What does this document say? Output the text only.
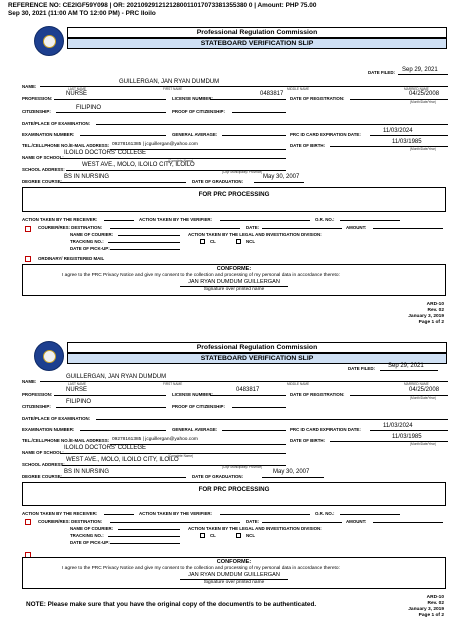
REFERENCE NO: CE2IGF59Y098 | OR: 2021092912121280011017073381355380 0 | Amount: PHP 75.00
Sep 30, 2021 (11:00 AM TO 12:00 PM) - PRC Iloilo
Professional Regulation Commission
STATEBOARD VERIFICATION SLIP
DATE FILED: Sep 29, 2021
NAME:
GUILLERGAN, JAN RYAN DUMDUM
LAST NAME	FIRST NAME	MIDDLE NAME	MARRIED NAME
PROFESSION:
NURSE
LICENSE NUMBER:
0483817
DATE OF REGISTRATION:
04/25/2008
(Month/Date/Year)
CITIZENSHIP:
FILIPINO
PROOF OF CITIZENSHIP:
DATE/PLACE OF EXAMINATION:
EXAMINATION NUMBER:	GENERAL AVERAGE:	PRC ID CARD EXPIRATION DATE:
11/03/2024
TEL./CELLPHONE NO./E-MAIL ADDRESS: 09278161385 | jcguillergan@yahoo.com	DATE OF BIRTH:
11/03/1985
(Month/Date/Year)
NAME OF SCHOOL:
ILOILO DOCTORS' COLLEGE
(Complete Name)
SCHOOL ADDRESS:
WEST AVE., MOLO, ILOILO CITY, ILOILO
(City/ Municipality/ Province)
DEGREE COURSE:
BS IN NURSING
DATE OF GRADUATION:
May 30, 2007
FOR PRC PROCESSING
ACTION TAKEN BY THE RECEIVER:	ACTION TAKEN BY THE VERIFIER:	O.R. NO.:
COURIER/RES: DESTINATION:	DATE:	AMOUNT:
NAME OF COURIER:	ACTION TAKEN BY THE LEGAL AND INVESTIGATION DIVISION:
TRACKING NO.:	CL	NCL
DATE OF PICK-UP:
ORDINARY/ REGISTERED MAIL
CONFORME:
I agree to the PRC Privacy Notice and give my consent to the collection and processing of my personal data in accordance thereto:
JAN RYAN DUMDUM GUILLERGAN
Signature over printed name
ARD-10
Rev. 02
January 3, 2019
Page 1 of 2
Professional Regulation Commission
STATEBOARD VERIFICATION SLIP
DATE FILED: Sep 29, 2021
NAME:
GUILLERGAN, JAN RYAN DUMDUM
LAST NAME	FIRST NAME	MIDDLE NAME	MARRIED NAME
PROFESSION:
NURSE
LICENSE NUMBER:
0483817
DATE OF REGISTRATION:
04/25/2008
(Month/Date/Year)
CITIZENSHIP:
FILIPINO
PROOF OF CITIZENSHIP:
DATE/PLACE OF EXAMINATION:
EXAMINATION NUMBER:	GENERAL AVERAGE:	PRC ID CARD EXPIRATION DATE:
11/03/2024
TEL./CELLPHONE NO./E-MAIL ADDRESS: 09278161385 | jcguillergan@yahoo.com	DATE OF BIRTH:
11/03/1985
(Month/Date/Year)
NAME OF SCHOOL:
ILOILO DOCTORS' COLLEGE
(Complete Name)
SCHOOL ADDRESS:
WEST AVE., MOLO, ILOILO CITY, ILOILO
(City/ Municipality/ Province)
DEGREE COURSE:
BS IN NURSING
DATE OF GRADUATION:
May 30, 2007
FOR PRC PROCESSING
ACTION TAKEN BY THE RECEIVER:	ACTION TAKEN BY THE VERIFIER:	O.R. NO.:
COURIER/RES: DESTINATION:	DATE:	AMOUNT:
NAME OF COURIER:	ACTION TAKEN BY THE LEGAL AND INVESTIGATION DIVISION:
TRACKING NO.:	CL	NCL
DATE OF PICK-UP:
CONFORME:
I agree to the PRC Privacy Notice and give my consent to the collection and processing of my personal data in accordance thereto:
JAN RYAN DUMDUM GUILLERGAN
Signature over printed name
ARD-10
Rev. 02
January 3, 2019
Page 1 of 2
NOTE: Please make sure that you have the original copy of the document/s to be authenticated.
